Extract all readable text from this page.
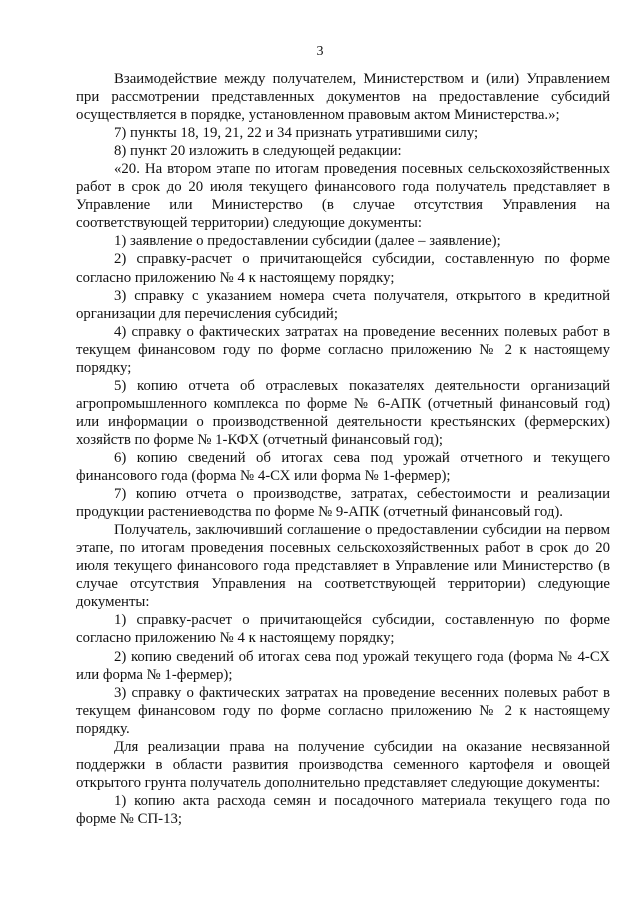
3

Взаимодействие между получателем, Министерством и (или) Управлением при рассмотрении представленных документов на предоставление субсидий осуществляется в порядке, установленном правовым актом Министерства.»;

7) пункты 18, 19, 21, 22 и 34 признать утратившими силу;

8) пункт 20 изложить в следующей редакции:

«20. На втором этапе по итогам проведения посевных сельскохозяйственных работ в срок до 20 июля текущего финансового года получатель представляет в Управление или Министерство (в случае отсутствия Управления на соответствующей территории) следующие документы:

1) заявление о предоставлении субсидии (далее – заявление);

2) справку-расчет о причитающейся субсидии, составленную по форме согласно приложению № 4 к настоящему порядку;

3) справку с указанием номера счета получателя, открытого в кредитной организации для перечисления субсидий;

4) справку о фактических затратах на проведение весенних полевых работ в текущем финансовом году по форме согласно приложению № 2 к настоящему порядку;

5) копию отчета об отраслевых показателях деятельности организаций агропромышленного комплекса по форме № 6-АПК (отчетный финансовый год) или информации о производственной деятельности крестьянских (фермерских) хозяйств по форме № 1-КФХ (отчетный финансовый год);

6) копию сведений об итогах сева под урожай отчетного и текущего финансового года (форма № 4-СХ или форма № 1-фермер);

7) копию отчета о производстве, затратах, себестоимости и реализации продукции растениеводства по форме № 9-АПК (отчетный финансовый год).

Получатель, заключивший соглашение о предоставлении субсидии на первом этапе, по итогам проведения посевных сельскохозяйственных работ в срок до 20 июля текущего финансового года представляет в Управление или Министерство (в случае отсутствия Управления на соответствующей территории) следующие документы:

1) справку-расчет о причитающейся субсидии, составленную по форме согласно приложению № 4 к настоящему порядку;

2) копию сведений об итогах сева под урожай текущего года (форма № 4-СХ или форма № 1-фермер);

3) справку о фактических затратах на проведение весенних полевых работ в текущем финансовом году по форме согласно приложению № 2 к настоящему порядку.

Для реализации права на получение субсидии на оказание несвязанной поддержки в области развития производства семенного картофеля и овощей открытого грунта получатель дополнительно представляет следующие документы:

1) копию акта расхода семян и посадочного материала текущего года по форме № СП-13;
